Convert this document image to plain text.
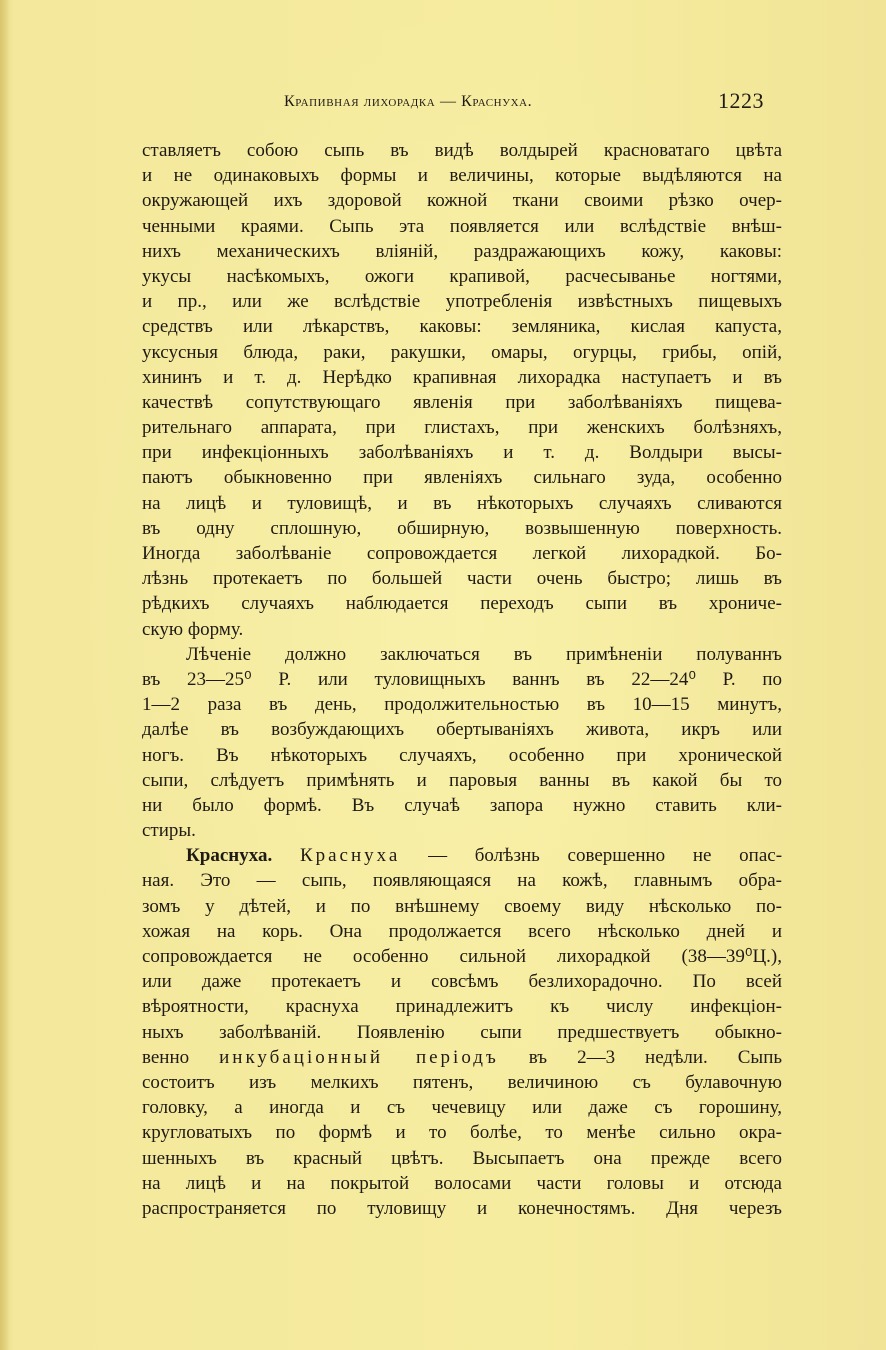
Крапивная лихорадка — Краснуха.	1223
ставляетъ собою сыпь въ видѣ волдырей красноватаго цвѣта
и не одинаковыхъ формы и величины, которые выдѣляются на
окружающей ихъ здоровой кожной ткани своими рѣзко очер-
ченными краями. Сыпь эта появляется или вслѣдствіе внѣш-
нихъ механическихъ вліяній, раздражающихъ кожу, каковы:
укусы насѣкомыхъ, ожоги крапивой, расчесыванье ногтями,
и пр., или же вслѣдствіе употребленія извѣстныхъ пищевыхъ
средствъ или лѣкарствъ, каковы: земляника, кислая капуста,
уксусныя блюда, раки, ракушки, омары, огурцы, грибы, опій,
хининъ и т. д. Нерѣдко крапивная лихорадка наступаетъ и въ
качествѣ сопутствующаго явленія при заболѣваніяхъ пищева-
рительнаго аппарата, при глистахъ, при женскихъ болѣзняхъ,
при инфекціонныхъ заболѣваніяхъ и т. д. Волдыри высы-
паютъ обыкновенно при явленіяхъ сильнаго зуда, особенно
на лицѣ и туловищѣ, и въ нѣкоторыхъ случаяхъ сливаются
въ одну сплошную, обширную, возвышенную поверхность.
Иногда заболѣваніе сопровождается легкой лихорадкой. Бо-
лѣзнь протекаетъ по большей части очень быстро; лишь въ
рѣдкихъ случаяхъ наблюдается переходъ сыпи въ хрониче-
скую форму.
Лѣченіе должно заключаться въ примѣненіи полуваннъ
въ 23—25⁰ Р. или туловищныхъ ваннъ въ 22—24⁰ Р. по
1—2 раза въ день, продолжительностью въ 10—15 минутъ,
далѣе въ возбуждающихъ обертываніяхъ живота, икръ или
ногъ. Въ нѣкоторыхъ случаяхъ, особенно при хронической
сыпи, слѣдуетъ примѣнять и паровыя ванны въ какой бы то
ни было формѣ. Въ случаѣ запора нужно ставить кли-
стиры.
Краснуха. Краснуха — болѣзнь совершенно не опас-
ная. Это — сыпь, появляющаяся на кожѣ, главнымъ обра-
зомъ у дѣтей, и по внѣшнему своему виду нѣсколько по-
хожая на корь. Она продолжается всего нѣсколько дней и
сопровождается не особенно сильной лихорадкой (38—39⁰Ц.),
или даже протекаетъ и совсѣмъ безлихорадочно. По всей
вѣроятности, краснуха принадлежитъ къ числу инфекціон-
ныхъ заболѣваній. Появленію сыпи предшествуетъ обыкно-
венно инкубаціонный періодъ въ 2—3 недѣли. Сыпь
состоитъ изъ мелкихъ пятенъ, величиною съ булавочную
головку, а иногда и съ чечевицу или даже съ горошину,
кругловатыхъ по формѣ и то болѣе, то менѣе сильно окра-
шенныхъ въ красный цвѣтъ. Высыпаетъ она прежде всего
на лицѣ и на покрытой волосами части головы и отсюда
распространяется по туловищу и конечностямъ. Дня черезъ
